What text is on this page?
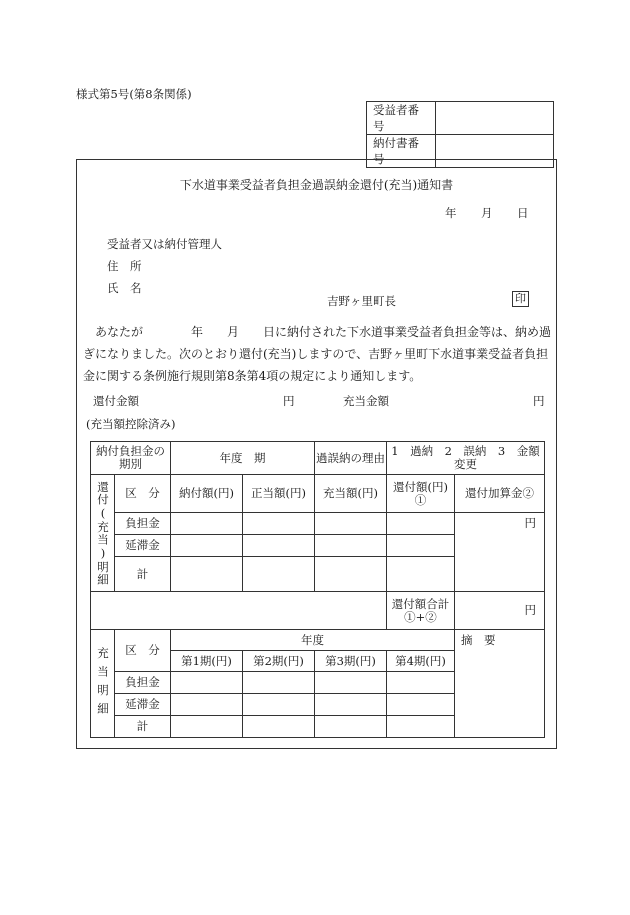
様式第5号(第8条関係)
受益者番号	
納付書番号	
下水道事業受益者負担金過誤納金還付(充当)通知書
年 月 日
受益者又は納付管理人
住　所
氏　名
吉野ヶ里町長	印
あなたが　　　　年　　月　　日に納付された下水道事業受益者負担金等は、納め過ぎになりました。次のとおり還付(充当)しますので、吉野ヶ里町下水道事業受益者負担金に関する条例施行規則第8条第4項の規定により通知します。
還付金額	円	充当金額	円
(充当額控除済み)
納付負担金の期別		年度　期		過誤納の理由	1　過納　2　誤納　3　金額変更	

還付(充当)明細	区　分	納付額(円)	正当額(円)	充当額(円)	還付額(円)　①	還付加算金②
	負担金					円
	延滞金					
	計					
					還付額合計①+②	円

充当明細	区　分	年度				摘　要
		第1期(円)	第2期(円)	第3期(円)	第4期(円)	
	負担金					
	延滞金					
	計					
